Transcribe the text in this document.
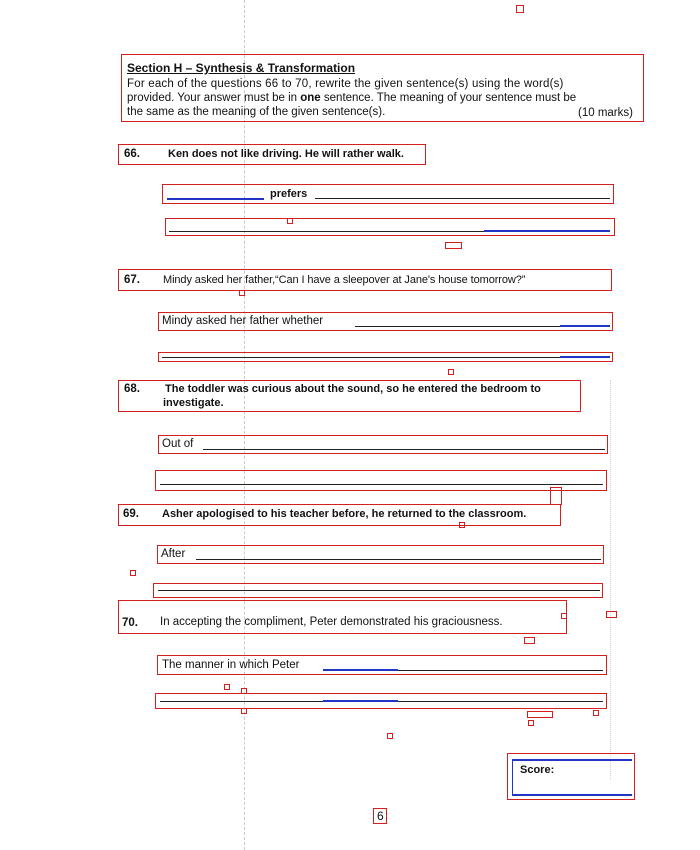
Section H – Synthesis & Transformation
For each of the questions 66 to 70, rewrite the given sentence(s) using the word(s)
provided. Your answer must be in one sentence. The meaning of your sentence must be
the same as the meaning of the given sentence(s).	(10 marks)
66.	Ken does not like driving. He will rather walk.
prefers
67. Mindy asked her father,“Can I have a sleepover at Jane's house tomorrow?”
Mindy asked her father whether
68. The toddler was curious about the sound, so he entered the bedroom to
investigate.
Out of
69. Asher apologised to his teacher before, he returned to the classroom.
After
70. In accepting the compliment, Peter demonstrated his graciousness.
The manner in which Peter
Score:
6
